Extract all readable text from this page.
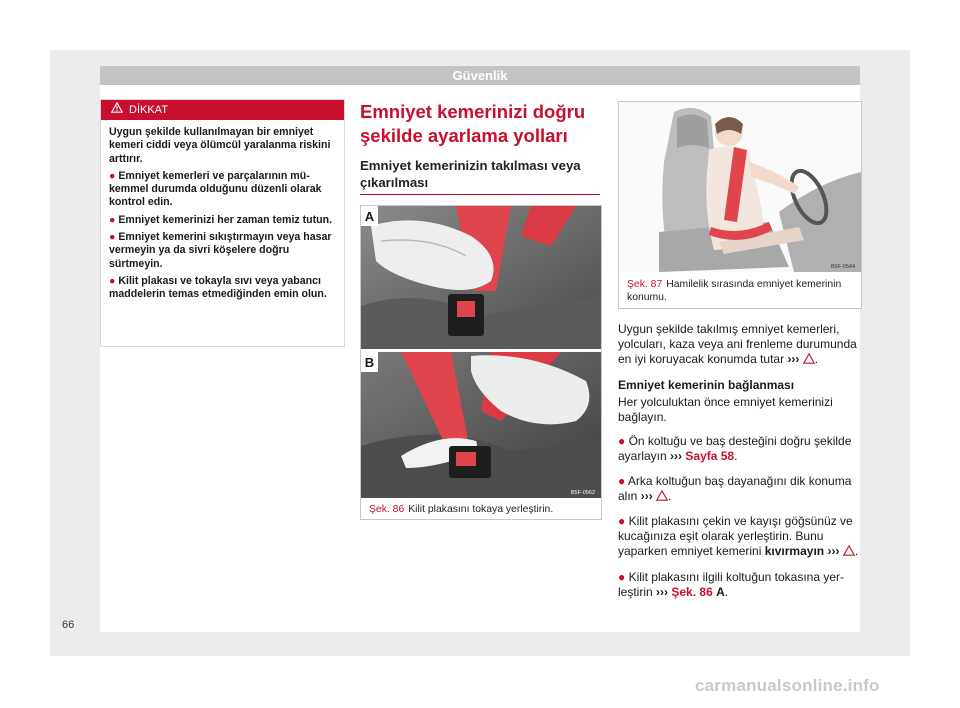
Güvenlik
DİKKAT

Uygun şekilde kullanılmayan bir emniyet kemeri ciddi veya ölümcül yaralanma riskini arttırır.

● Emniyet kemerleri ve parçalarının mükemmel durumda olduğunu düzenli olarak kontrol edin.

● Emniyet kemerinizi her zaman temiz tutun.

● Emniyet kemerini sıkıştırmayın veya hasar vermeyin ya da sivri köşelere doğru sürtmeyin.

● Kilit plakası ve tokayla sıvı veya yabancı maddelerin temas etmediğinden emin olun.

Emniyet kemerinizi doğru şekilde ayarlama yolları
Emniyet kemerinizin takılması veya çıkarılması
A
B
B5F-0562
Şek. 86 Kilit plakasını tokaya yerleştirin.
B5F-0544
Şek. 87 Hamilelik sırasında emniyet kemerinin konumu.

Uygun şekilde takılmış emniyet kemerleri, yolcuları, kaza veya ani frenleme durumunda en iyi koruyacak konumda tutar ››› .

Emniyet kemerinin bağlanması

Her yolculuktan önce emniyet kemerinizi bağlayın.

● Ön koltuğu ve baş desteğini doğru şekilde ayarlayın ››› Sayfa 58.

● Arka koltuğun baş dayanağını dik konuma alın ››› .

● Kilit plakasını çekin ve kayışı göğsünüz ve kucağınıza eşit olarak yerleştirin. Bunu yaparken emniyet kemerini kıvırmayın ››› .

● Kilit plakasını ilgili koltuğun tokasına yerleştirin ››› Şek. 86 A.

66
carmanualsonline.info
